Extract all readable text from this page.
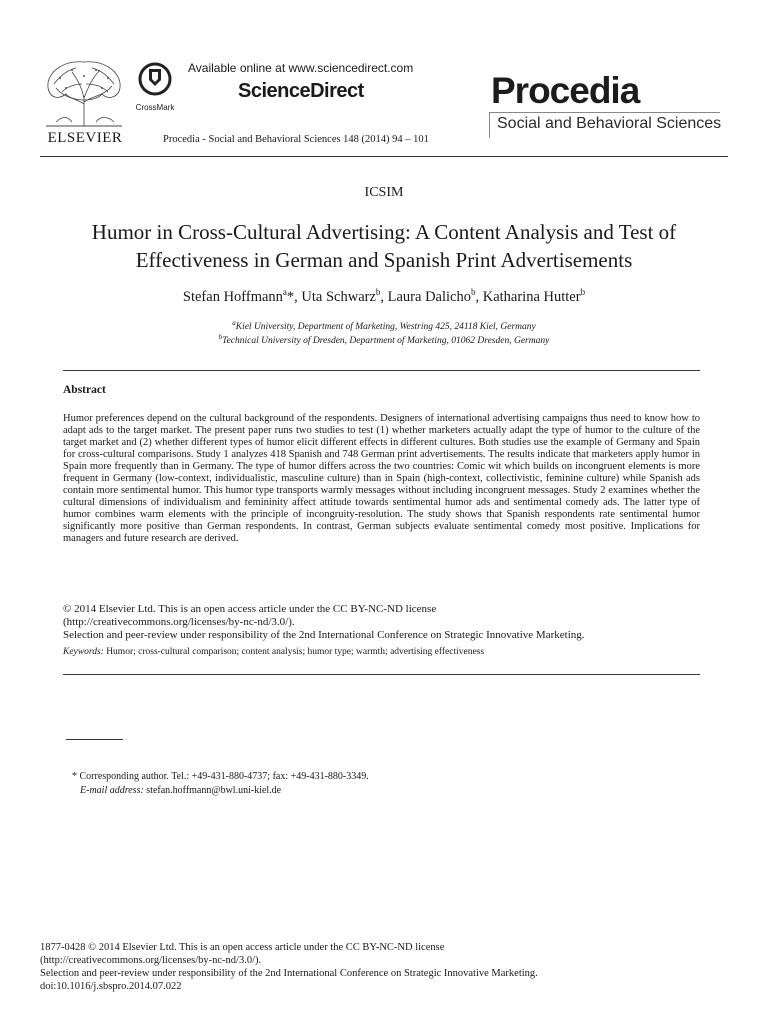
ELSEVIER
CrossMark
Available online at www.sciencedirect.com
ScienceDirect
Procedia - Social and Behavioral Sciences 148 (2014) 94 – 101
Procedia
Social and Behavioral Sciences
ICSIM
Humor in Cross-Cultural Advertising: A Content Analysis and Test of Effectiveness in German and Spanish Print Advertisements
Stefan Hoffmann$^a$*, Uta Schwarz$^b$, Laura Dalicho$^b$, Katharina Hutter$^b$
$^a$Kiel University, Department of Marketing, Westring 425, 24118 Kiel, Germany
$^b$Technical University of Dresden, Department of Marketing, 01062 Dresden, Germany
Abstract
Humor preferences depend on the cultural background of the respondents. Designers of international advertising campaigns thus need to know how to adapt ads to the target market. The present paper runs two studies to test (1) whether marketers actually adapt the type of humor to the culture of the target market and (2) whether different types of humor elicit different effects in different cultures. Both studies use the example of Germany and Spain for cross-cultural comparisons. Study 1 analyzes 418 Spanish and 748 German print advertisements. The results indicate that marketers apply humor in Spain more frequently than in Germany. The type of humor differs across the two countries: Comic wit which builds on incongruent elements is more frequent in Germany (low-context, individualistic, masculine culture) than in Spain (high-context, collectivistic, feminine culture) while Spanish ads contain more sentimental humor. This humor type transports warmly messages without including incongruent messages. Study 2 examines whether the cultural dimensions of individualism and femininity affect attitude towards sentimental humor ads and sentimental comedy ads. The latter type of humor combines warm elements with the principle of incongruity-resolution. The study shows that Spanish respondents rate sentimental humor significantly more positive than German respondents. In contrast, German subjects evaluate sentimental comedy most positive. Implications for managers and future research are derived.
© 2014 Elsevier Ltd. This is an open access article under the CC BY-NC-ND license
(http://creativecommons.org/licenses/by-nc-nd/3.0/).
Selection and peer-review under responsibility of the 2nd International Conference on Strategic Innovative Marketing.
Keywords: Humor; cross-cultural comparison; content analysis; humor type; warmth; advertising effectiveness
* Corresponding author. Tel.: +49-431-880-4737; fax: +49-431-880-3349.
E-mail address: stefan.hoffmann@bwl.uni-kiel.de
1877-0428 © 2014 Elsevier Ltd. This is an open access article under the CC BY-NC-ND license
(http://creativecommons.org/licenses/by-nc-nd/3.0/).
Selection and peer-review under responsibility of the 2nd International Conference on Strategic Innovative Marketing.
doi:10.1016/j.sbspro.2014.07.022
